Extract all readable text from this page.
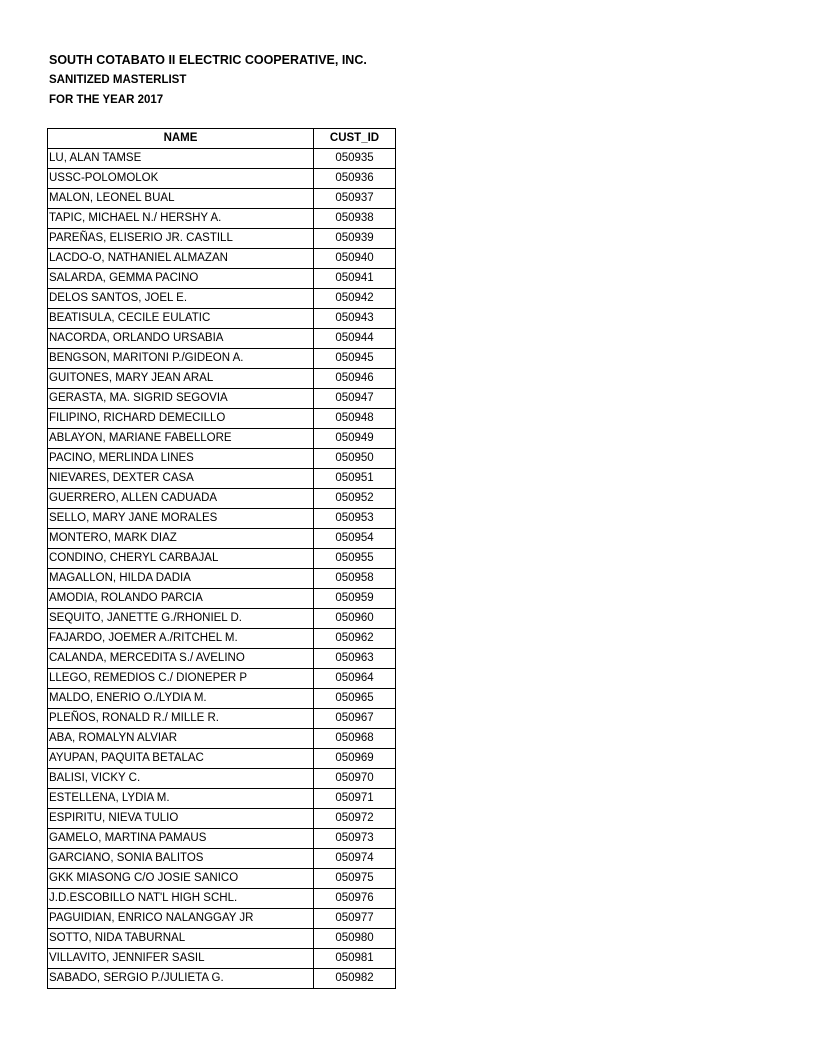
SOUTH COTABATO II ELECTRIC COOPERATIVE, INC.
SANITIZED MASTERLIST
FOR THE YEAR 2017
NAME	CUST_ID
LU, ALAN TAMSE	050935
USSC-POLOMOLOK	050936
MALON, LEONEL BUAL	050937
TAPIC, MICHAEL N./ HERSHY A.	050938
PAREÑAS, ELISERIO JR. CASTILL	050939
LACDO-O, NATHANIEL ALMAZAN	050940
SALARDA, GEMMA PACINO	050941
DELOS SANTOS, JOEL E.	050942
BEATISULA, CECILE EULATIC	050943
NACORDA, ORLANDO URSABIA	050944
BENGSON, MARITONI P./GIDEON A.	050945
GUITONES, MARY JEAN ARAL	050946
GERASTA, MA. SIGRID SEGOVIA	050947
FILIPINO, RICHARD DEMECILLO	050948
ABLAYON, MARIANE FABELLORE	050949
PACINO, MERLINDA LINES	050950
NIEVARES, DEXTER CASA	050951
GUERRERO, ALLEN CADUADA	050952
SELLO, MARY JANE MORALES	050953
MONTERO, MARK DIAZ	050954
CONDINO, CHERYL CARBAJAL	050955
MAGALLON, HILDA DADIA	050958
AMODIA, ROLANDO PARCIA	050959
SEQUITO, JANETTE G./RHONIEL D.	050960
FAJARDO, JOEMER A./RITCHEL M.	050962
CALANDA, MERCEDITA S./ AVELINO	050963
LLEGO, REMEDIOS C./ DIONEPER P	050964
MALDO, ENERIO O./LYDIA M.	050965
PLEÑOS, RONALD R./ MILLE R.	050967
ABA, ROMALYN ALVIAR	050968
AYUPAN, PAQUITA BETALAC	050969
BALISI, VICKY C.	050970
ESTELLENA, LYDIA M.	050971
ESPIRITU, NIEVA TULIO	050972
GAMELO, MARTINA PAMAUS	050973
GARCIANO, SONIA BALITOS	050974
GKK MIASONG C/O JOSIE SANICO	050975
J.D.ESCOBILLO NAT'L HIGH SCHL.	050976
PAGUIDIAN, ENRICO NALANGGAY JR	050977
SOTTO, NIDA TABURNAL	050980
VILLAVITO, JENNIFER SASIL	050981
SABADO, SERGIO P./JULIETA G.	050982
